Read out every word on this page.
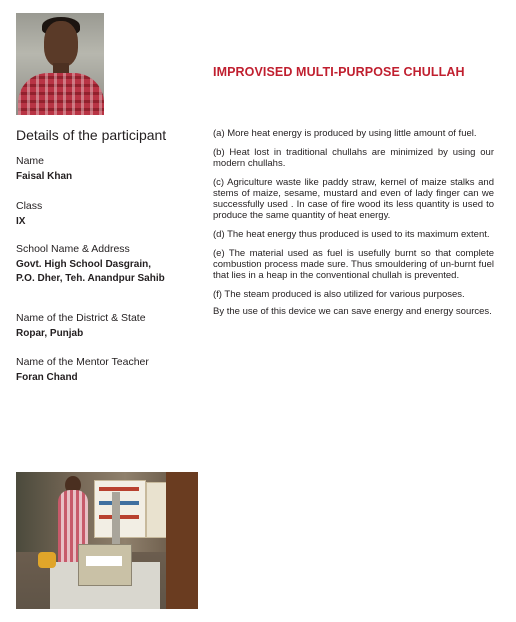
IMPROVISED MULTI-PURPOSE CHULLAH
Details of the participant
Name
Faisal Khan
Class
IX
School Name & Address
Govt. High School Dasgrain,
P.O. Dher, Teh. Anandpur Sahib
Name of the District & State
Ropar, Punjab
Name of the Mentor Teacher
Foran Chand

(a) More heat energy is produced by using little amount of fuel.

(b) Heat lost in traditional chullahs are minimized by using our modern chullahs.

(c) Agriculture waste like paddy straw, kernel of maize stalks and stems of maize, sesame, mustard and even of lady finger can we successfully used . In case of fire wood its less quantity is used to produce the same quantity of heat energy.

(d) The heat energy thus produced is used to its maximum extent.

(e) The material used as fuel is usefully burnt so that complete combustion process made sure. Thus smouldering of un-burnt fuel that lies in a heap in the conventional chullah is prevented.

(f) The steam produced is also utilized for various purposes.

By the use of this device we can save energy and energy sources.
